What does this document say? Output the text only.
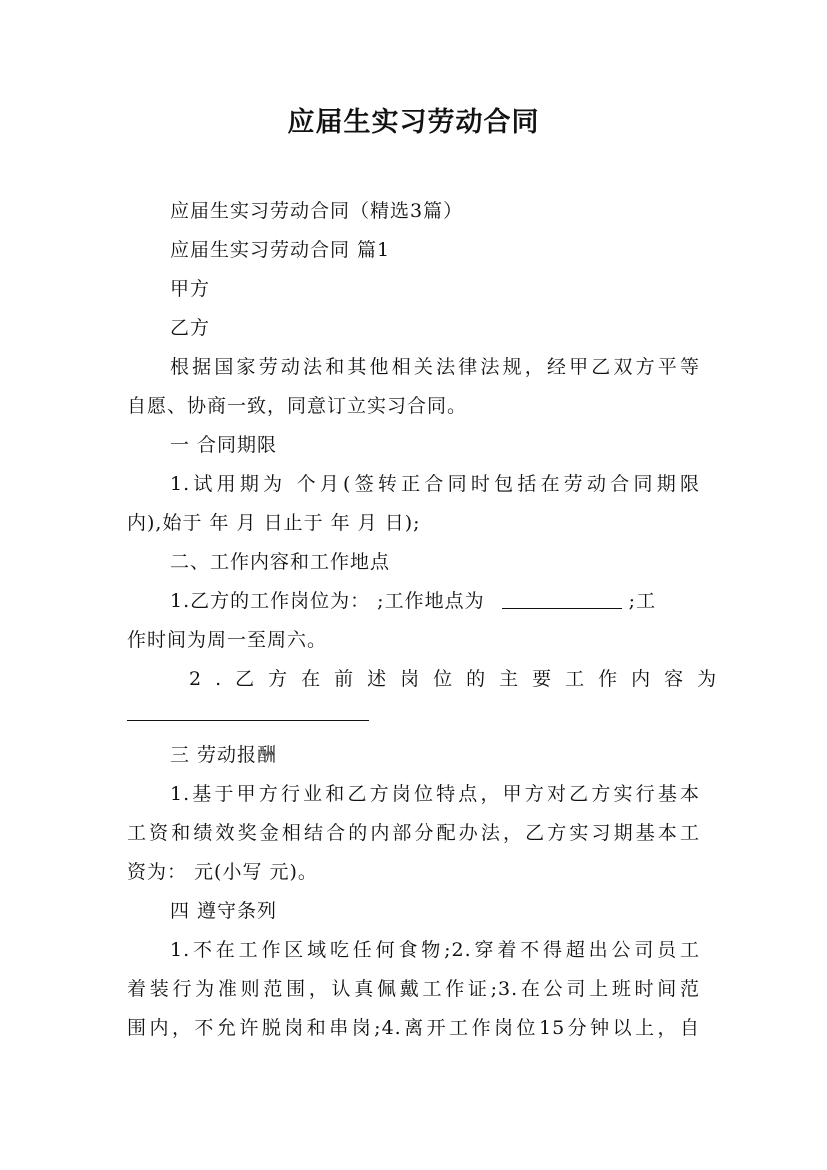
应届生实习劳动合同
应届生实习劳动合同（精选3篇）
应届生实习劳动合同 篇1
甲方
乙方
根据国家劳动法和其他相关法律法规，经甲乙双方平等
自愿、协商一致，同意订立实习合同。
一 合同期限
1.试用期为 个月(签转正合同时包括在劳动合同期限
内),始于 年 月 日止于 年 月 日);
二、工作内容和工作地点
1.乙方的工作岗位为： ;工作地点为	;工
作时间为周一至周六。
2.乙方在前述岗位的主要工作内容为
三 劳动报酬
1.基于甲方行业和乙方岗位特点，甲方对乙方实行基本
工资和绩效奖金相结合的内部分配办法，乙方实习期基本工
资为： 元(小写 元)。
四 遵守条列
1.不在工作区域吃任何食物;2.穿着不得超出公司员工
着装行为准则范围，认真佩戴工作证;3.在公司上班时间范
围内，不允许脱岗和串岗;4.离开工作岗位15分钟以上，自
